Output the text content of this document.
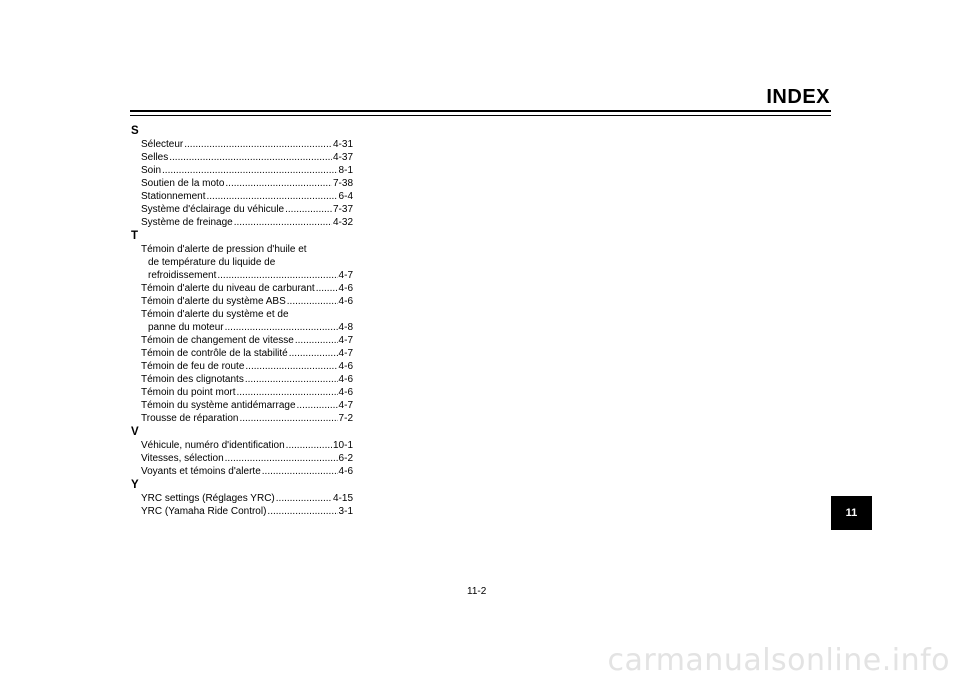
INDEX
S
Sélecteur .....	4-31
Selles .....	4-37
Soin .....	8-1
Soutien de la moto .....	7-38
Stationnement .....	6-4
Système d'éclairage du véhicule .....	7-37
Système de freinage .....	4-32
T
Témoin d'alerte de pression d'huile et
de température du liquide de
refroidissement .....	4-7
Témoin d'alerte du niveau de carburant ..... 4-6
Témoin d'alerte du système ABS .....	4-6
Témoin d'alerte du système et de
panne du moteur .....	4-8
Témoin de changement de vitesse .....	4-7
Témoin de contrôle de la stabilité .....	4-7
Témoin de feu de route .....	4-6
Témoin des clignotants .....	4-6
Témoin du point mort .....	4-6
Témoin du système antidémarrage .....	4-7
Trousse de réparation .....	7-2
V
Véhicule, numéro d'identification .....	10-1
Vitesses, sélection .....	6-2
Voyants et témoins d'alerte .....	4-6
Y
YRC settings (Réglages YRC) .....	4-15
YRC (Yamaha Ride Control) .....	3-1	11
11-2
carmanualsonline.info
